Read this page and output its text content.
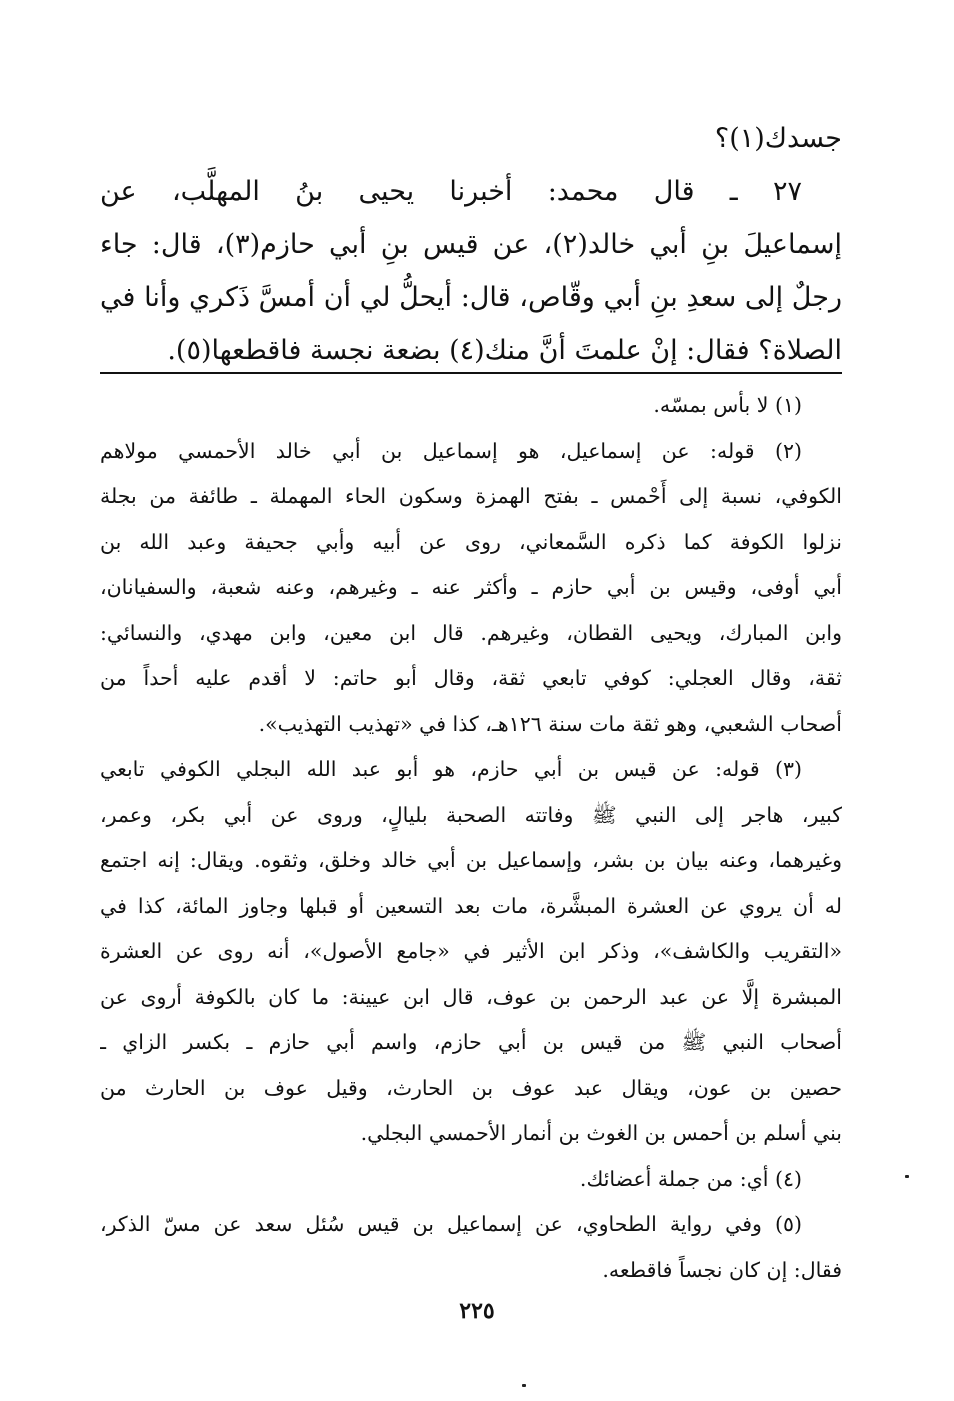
جسدك(١)؟

٢٧ ـ قال محمد: أخبرنا يحيى بنُ المهلَّب، عن

إسماعيلَ بنِ أبي خالد(٢)، عن قيس بنِ أبي حازم(٣)، قال: جاء

رجلٌ إلى سعدِ بنِ أبي وقّاص، قال: أيحلُّ لي أن أمسَّ ذَكري وأنا في

الصلاة؟ فقال: إنْ علمتَ أنَّ منك(٤) بضعة نجسة فاقطعها(٥).

(١) لا بأس بمسّه.

(٢) قوله: عن إسماعيل، هو إسماعيل بن أبي خالد الأحمسي مولاهم

الكوفي، نسبة إلى أَحْمس ـ بفتح الهمزة وسكون الحاء المهملة ـ طائفة من بجلة

نزلوا الكوفة كما ذكره السَّمعاني، روى عن أبيه وأبي جحيفة وعبد الله بن

أبي أوفى، وقيس بن أبي حازم ـ وأكثر عنه ـ وغيرهم، وعنه شعبة، والسفيانان،

وابن المبارك، ويحيى القطان، وغيرهم. قال ابن معين، وابن مهدي، والنسائي:

ثقة، وقال العجلي: كوفي تابعي ثقة، وقال أبو حاتم: لا أقدم عليه أحداً من

أصحاب الشعبي، وهو ثقة مات سنة ١٢٦هـ، كذا في «تهذيب التهذيب».

(٣) قوله: عن قيس بن أبي حازم، هو أبو عبد الله البجلي الكوفي تابعي

كبير، هاجر إلى النبي ﷺ وفاتته الصحبة بليالٍ، وروى عن أبي بكر، وعمر،

وغيرهما، وعنه بيان بن بشر، وإسماعيل بن أبي خالد وخلق، وثقوه. ويقال: إنه اجتمع

له أن يروي عن العشرة المبشَّرة، مات بعد التسعين أو قبلها وجاوز المائة، كذا في

«التقريب والكاشف»، وذكر ابن الأثير في «جامع الأصول»، أنه روى عن العشرة

المبشرة إلَّا عن عبد الرحمن بن عوف، قال ابن عيينة: ما كان بالكوفة أروى عن

أصحاب النبي ﷺ من قيس بن أبي حازم، واسم أبي حازم ـ بكسر الزاي ـ

حصين بن عون، ويقال عبد عوف بن الحارث، وقيل عوف بن الحارث من

بني أسلم بن أحمس بن الغوث بن أنمار الأحمسي البجلي.

(٤) أي: من جملة أعضائك.

(٥) وفي رواية الطحاوي، عن إسماعيل بن قيس سُئل سعد عن مسّ الذكر،

فقال: إن كان نجساً فاقطعه.

٢٢٥
